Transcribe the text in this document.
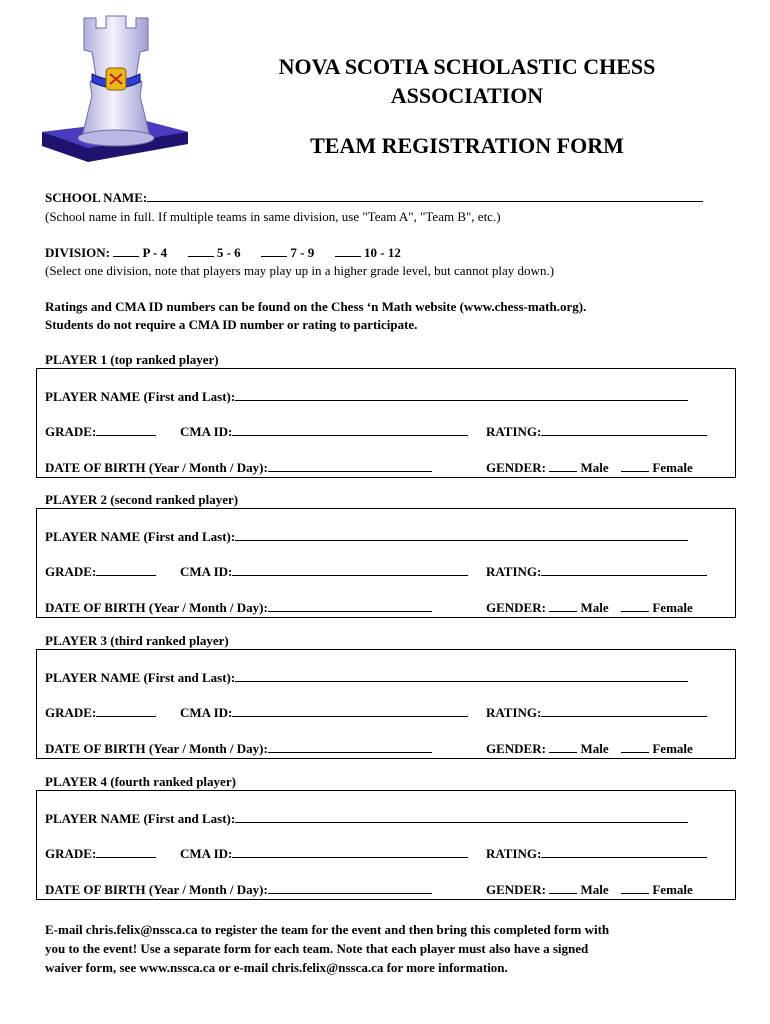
NOVA SCOTIA SCHOLASTIC CHESS
ASSOCIATION
TEAM REGISTRATION FORM
SCHOOL NAME:
(School name in full. If multiple teams in same division, use "Team A", "Team B", etc.)
DIVISION:	P - 4	5 - 6	7 - 9	10 - 12
(Select one division, note that players may play up in a higher grade level, but cannot play down.)
Ratings and CMA ID numbers can be found on the Chess ‘n Math website (www.chess-math.org).
Students do not require a CMA ID number or rating to participate.
PLAYER 1 (top ranked player)
PLAYER NAME (First and Last):
GRADE:	CMA ID:	RATING:
DATE OF BIRTH (Year / Month / Day):	GENDER:	Male	Female
PLAYER 2 (second ranked player)
PLAYER NAME (First and Last):
GRADE:	CMA ID:	RATING:
DATE OF BIRTH (Year / Month / Day):	GENDER:	Male	Female
PLAYER 3 (third ranked player)
PLAYER NAME (First and Last):
GRADE:	CMA ID:	RATING:
DATE OF BIRTH (Year / Month / Day):	GENDER:	Male	Female
PLAYER 4 (fourth ranked player)
PLAYER NAME (First and Last):
GRADE:	CMA ID:	RATING:
DATE OF BIRTH (Year / Month / Day):	GENDER:	Male	Female
E-mail chris.felix@nssca.ca to register the team for the event and then bring this completed form with
you to the event! Use a separate form for each team. Note that each player must also have a signed
waiver form, see www.nssca.ca or e-mail chris.felix@nssca.ca for more information.
